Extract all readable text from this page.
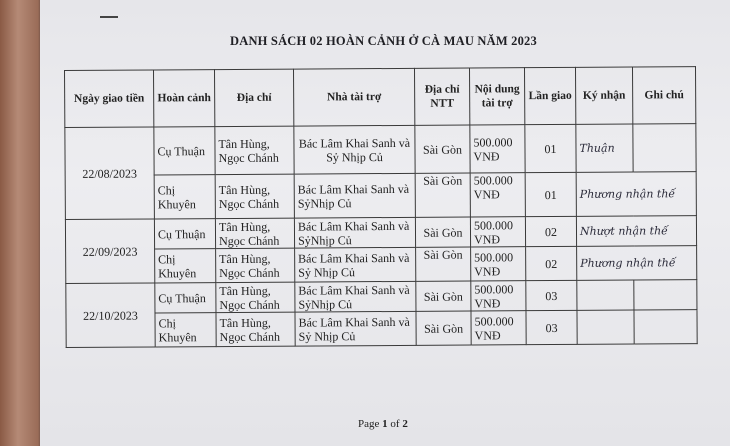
DANH SÁCH 02 HOÀN CẢNH Ở CÀ MAU NĂM 2023
Ngày giao tiền	Hoàn cảnh	Địa chỉ	Nhà tài trợ	Địa chỉ NTT	Nội dung tài trợ	Lần giao	Ký nhận	Ghi chú
22/08/2023	Cụ Thuận	Tân Hùng, Ngọc Chánh	Bác Lâm Khai Sanh và Sỷ Nhịp Củ	Sài Gòn	500.000 VNĐ	01	Thuận	
	Chị Khuyên	Tân Hùng, Ngọc Chánh	Bác Lâm Khai Sanh và SỷNhịp Củ	Sài Gòn	500.000 VNĐ	01	Phương nhận thế	
22/09/2023	Cụ Thuận	Tân Hùng, Ngọc Chánh	Bác Lâm Khai Sanh và SỷNhịp Củ	Sài Gòn	500.000 VNĐ	02	Nhượt nhận thế	
	Chị Khuyên	Tân Hùng, Ngọc Chánh	Bác Lâm Khai Sanh và Sỷ Nhịp Củ	Sài Gòn	500.000 VNĐ	02	Phương nhận thế	
22/10/2023	Cụ Thuận	Tân Hùng, Ngọc Chánh	Bác Lâm Khai Sanh và SỷNhịp Củ	Sài Gòn	500.000 VNĐ	03		
	Chị Khuyên	Tân Hùng, Ngọc Chánh	Bác Lâm Khai Sanh và Sỷ Nhịp Củ	Sài Gòn	500.000 VNĐ	03		
Page 1 of 2
